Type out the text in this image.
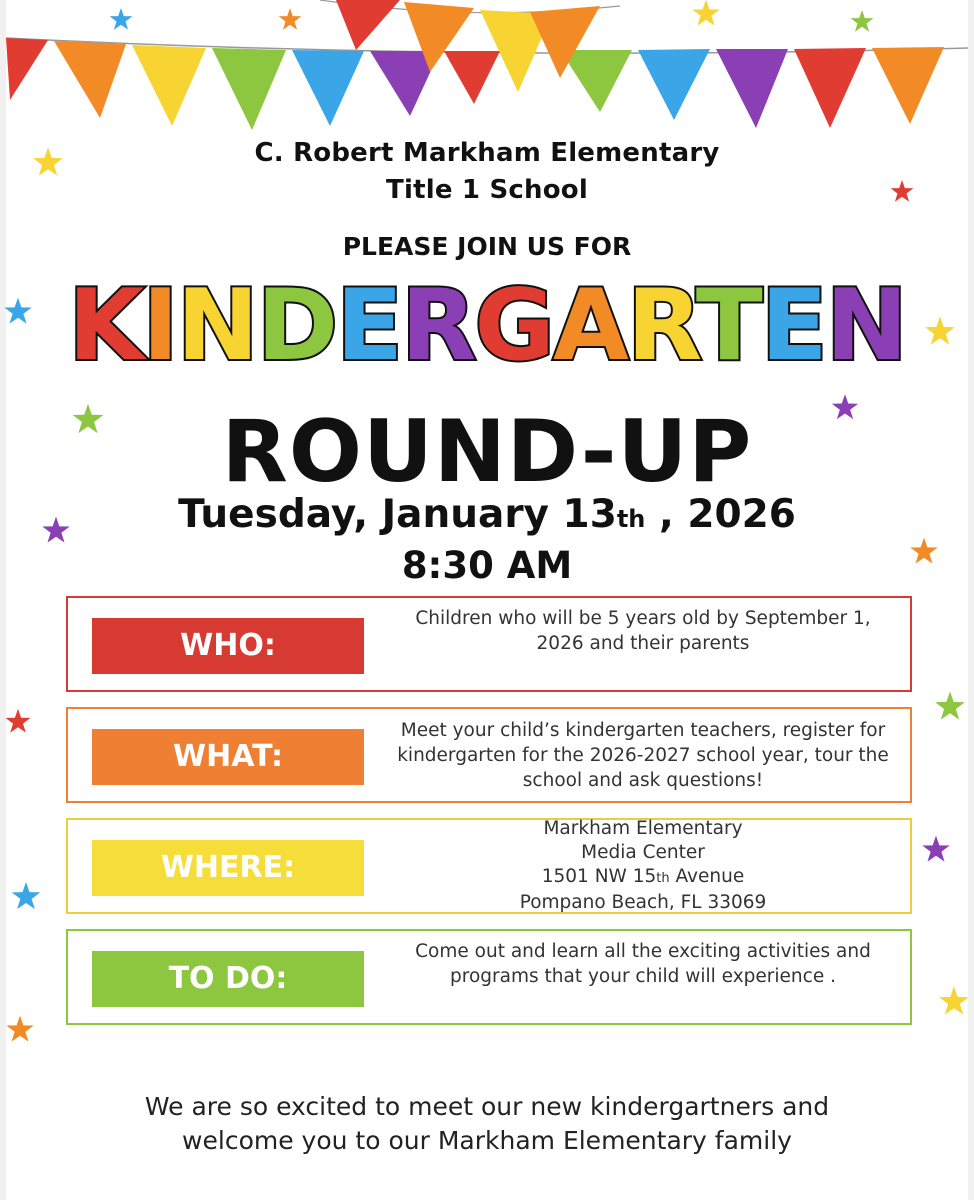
C. Robert Markham Elementary
Title 1 School
PLEASE JOIN US FOR
KINDERGARTEN
ROUND-UP
Tuesday, January 13th , 2026
8:30 AM
WHO:
Children who will be 5 years old by September 1,
2026 and their parents
WHAT:
Meet your child’s kindergarten teachers, register for
kindergarten for the 2026-2027 school year, tour the
school and ask questions!
WHERE:
Markham Elementary
Media Center
1501 NW 15th Avenue
Pompano Beach, FL 33069
TO DO:
Come out and learn all the exciting activities and
programs that your child will experience .
We are so excited to meet our new kindergartners and
welcome you to our Markham Elementary family
